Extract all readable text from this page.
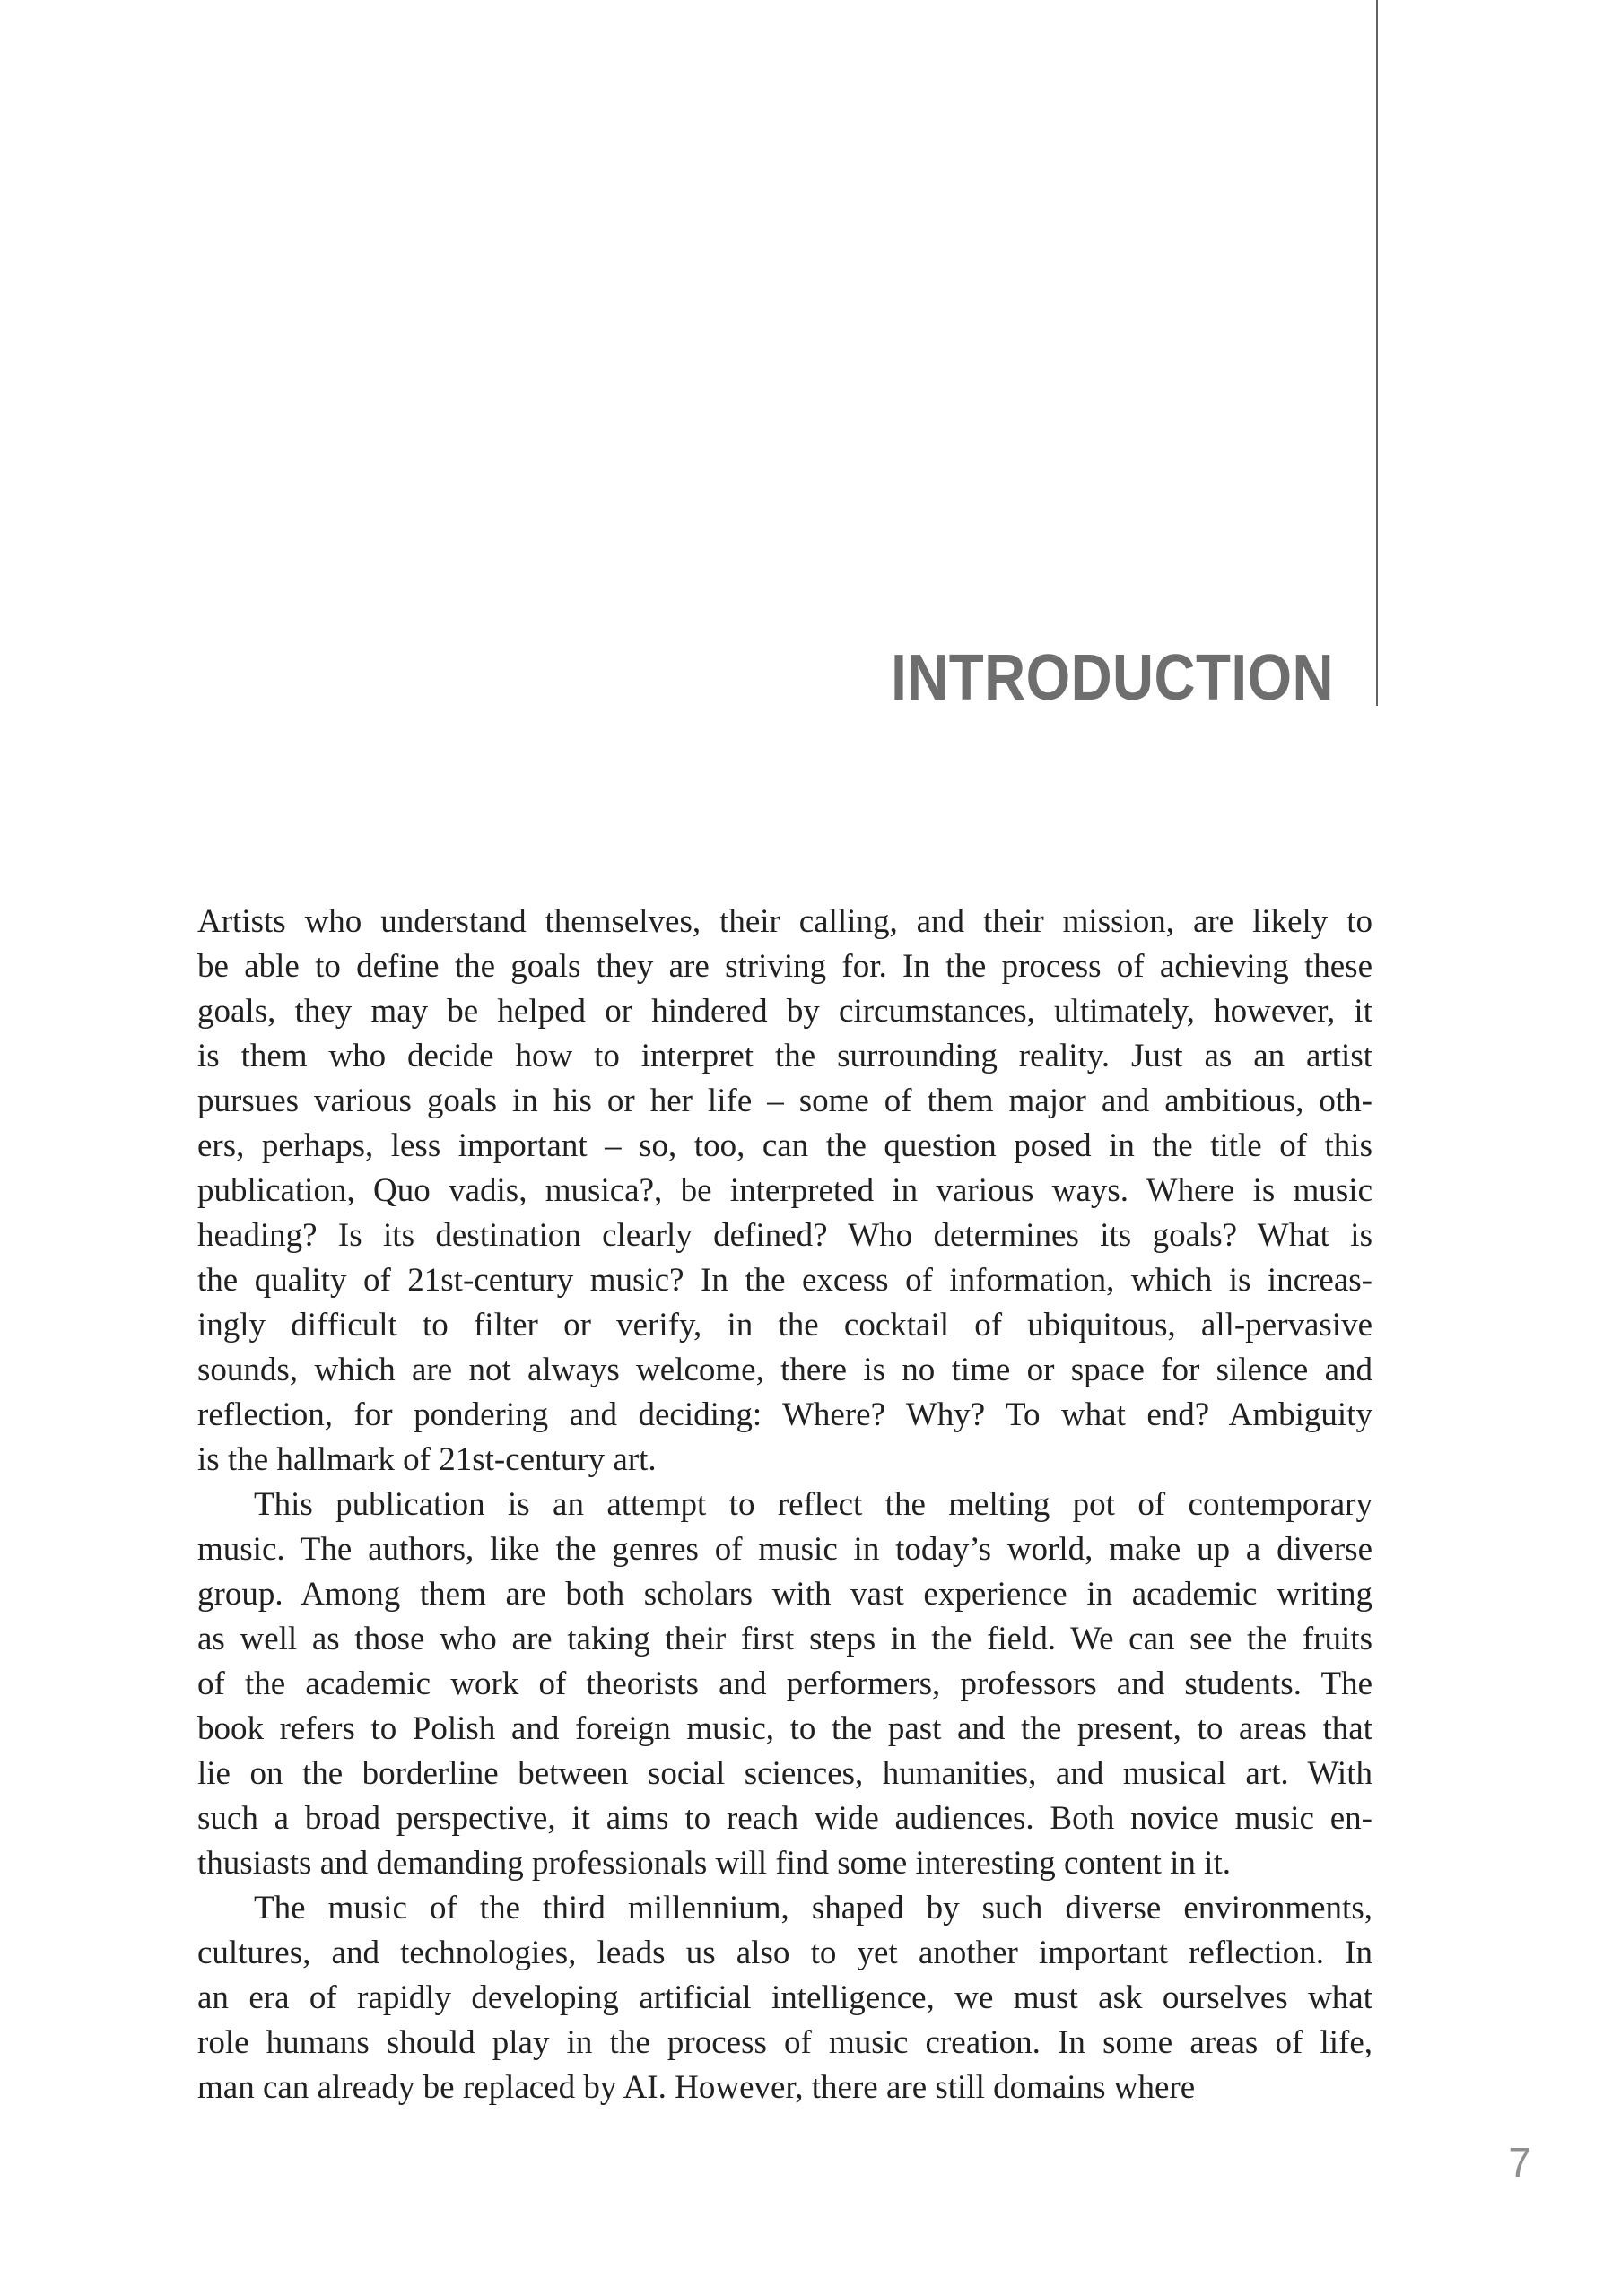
INTRODUCTION
Artists who understand themselves, their calling, and their mission, are likely to
be able to define the goals they are striving for. In the process of achieving these
goals, they may be helped or hindered by circumstances, ultimately, however, it
is them who decide how to interpret the surrounding reality. Just as an artist
pursues various goals in his or her life – some of them major and ambitious, oth-
ers, perhaps, less important – so, too, can the question posed in the title of this
publication, Quo vadis, musica?, be interpreted in various ways. Where is music
heading? Is its destination clearly defined? Who determines its goals? What is
the quality of 21st-century music? In the excess of information, which is increas-
ingly difficult to filter or verify, in the cocktail of ubiquitous, all-pervasive
sounds, which are not always welcome, there is no time or space for silence and
reflection, for pondering and deciding: Where? Why? To what end? Ambiguity
is the hallmark of 21st-century art.
This publication is an attempt to reflect the melting pot of contemporary
music. The authors, like the genres of music in today’s world, make up a diverse
group. Among them are both scholars with vast experience in academic writing
as well as those who are taking their first steps in the field. We can see the fruits
of the academic work of theorists and performers, professors and students. The
book refers to Polish and foreign music, to the past and the present, to areas that
lie on the borderline between social sciences, humanities, and musical art. With
such a broad perspective, it aims to reach wide audiences. Both novice music en-
thusiasts and demanding professionals will find some interesting content in it.
The music of the third millennium, shaped by such diverse environments,
cultures, and technologies, leads us also to yet another important reflection. In
an era of rapidly developing artificial intelligence, we must ask ourselves what
role humans should play in the process of music creation. In some areas of life,
man can already be replaced by AI. However, there are still domains where
7
